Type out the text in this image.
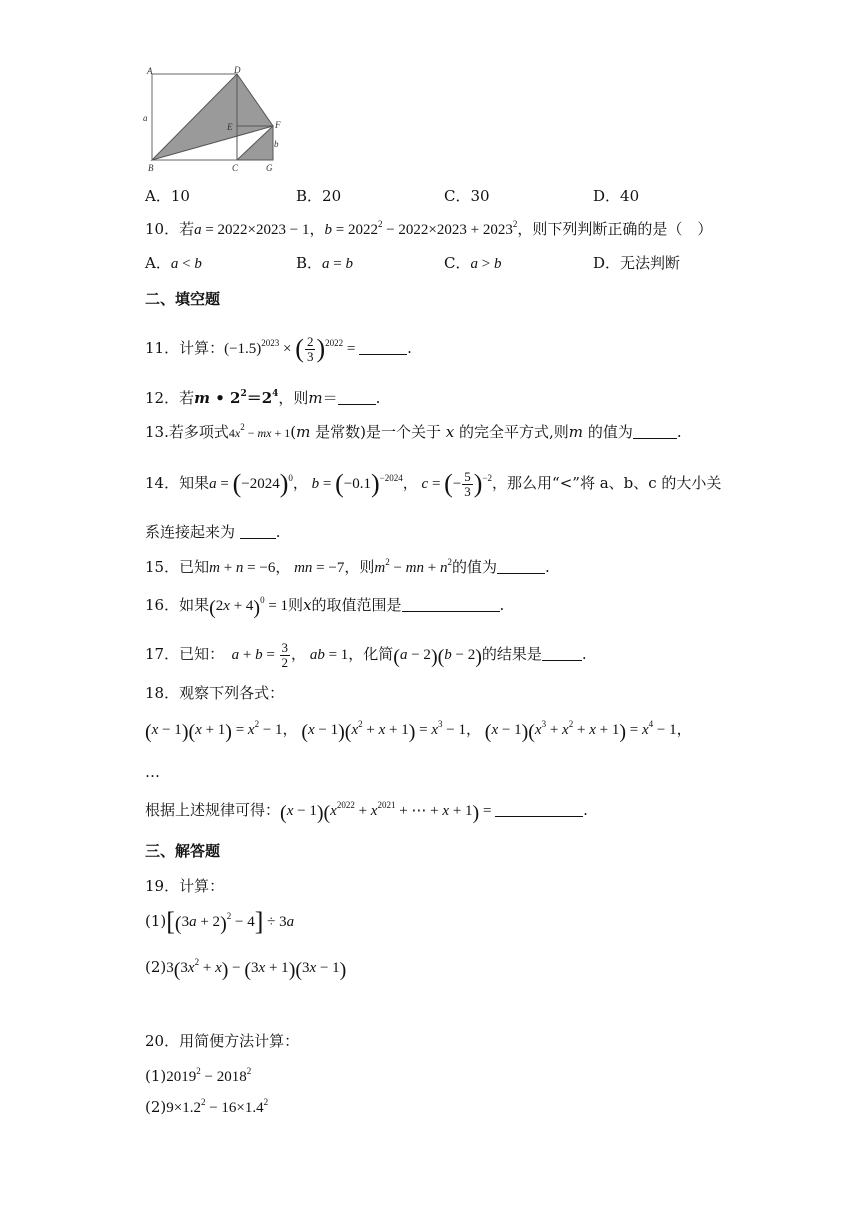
A	D
E	F
B	C	G
a
b
A．10	B．20	C．30	D．40
10．若a = 2022×2023 − 1，$b = 2022^2 - 2022\times 2023 + 2023^2$，则下列判断正确的是（　）
A．a < b	B．a = b	C．a > b	D．无法判断
二、填空题
11．计算：$(-1.5)^{2023}$ × ( $\frac{2}{3} )^{2022}$ =	.
12．若m • $2^2=2^4$，则m＝	.
13.若多项式$4x^2$ − mx + 1(m 是常数)是一个关于 x 的完全平方式,则m 的值为	.
14．知果$a = (-2024)^0$， $b = (-0.1)^{-2024}$， c = (− $\frac{5}{3} )^{-2}$，那么用“<”将 a、b、c 的大小关
系连接起来为	.
15．已知m + n = −6， mn = −7，则$m^2$ − mn + $n^2$的值为	.
16．如果$(2x + 4)^0 = 1$则x的取值范围是	.
17．已知：　 $a + b = \frac{3}{2}$ ， ab = 1，化简(a − 2)(b − 2)的结果是	.
18．观察下列各式：
$(x - 1)(x + 1) = x^2 - 1$， $(x - 1)(x^2 + x + 1) = x^3 - 1$， $(x - 1)(x^3 + x^2 + x + 1) = x^4 - 1$，
…
根据上述规律可得：$(x - 1)(x^{2022} + x^{2021}$ + ⋯ + x + 1) =	.
三、解答题
19．计算：
$(1)[(3a + 2)^2 - 4] \div 3a$
$(2)3(3x^2 + x) - (3x + 1)(3x - 1)$
20．用简便方法计算：
$(1)2019^2 - 2018^2$
$(2)9\times 1.2^2 - 16\times 1.4^2$
